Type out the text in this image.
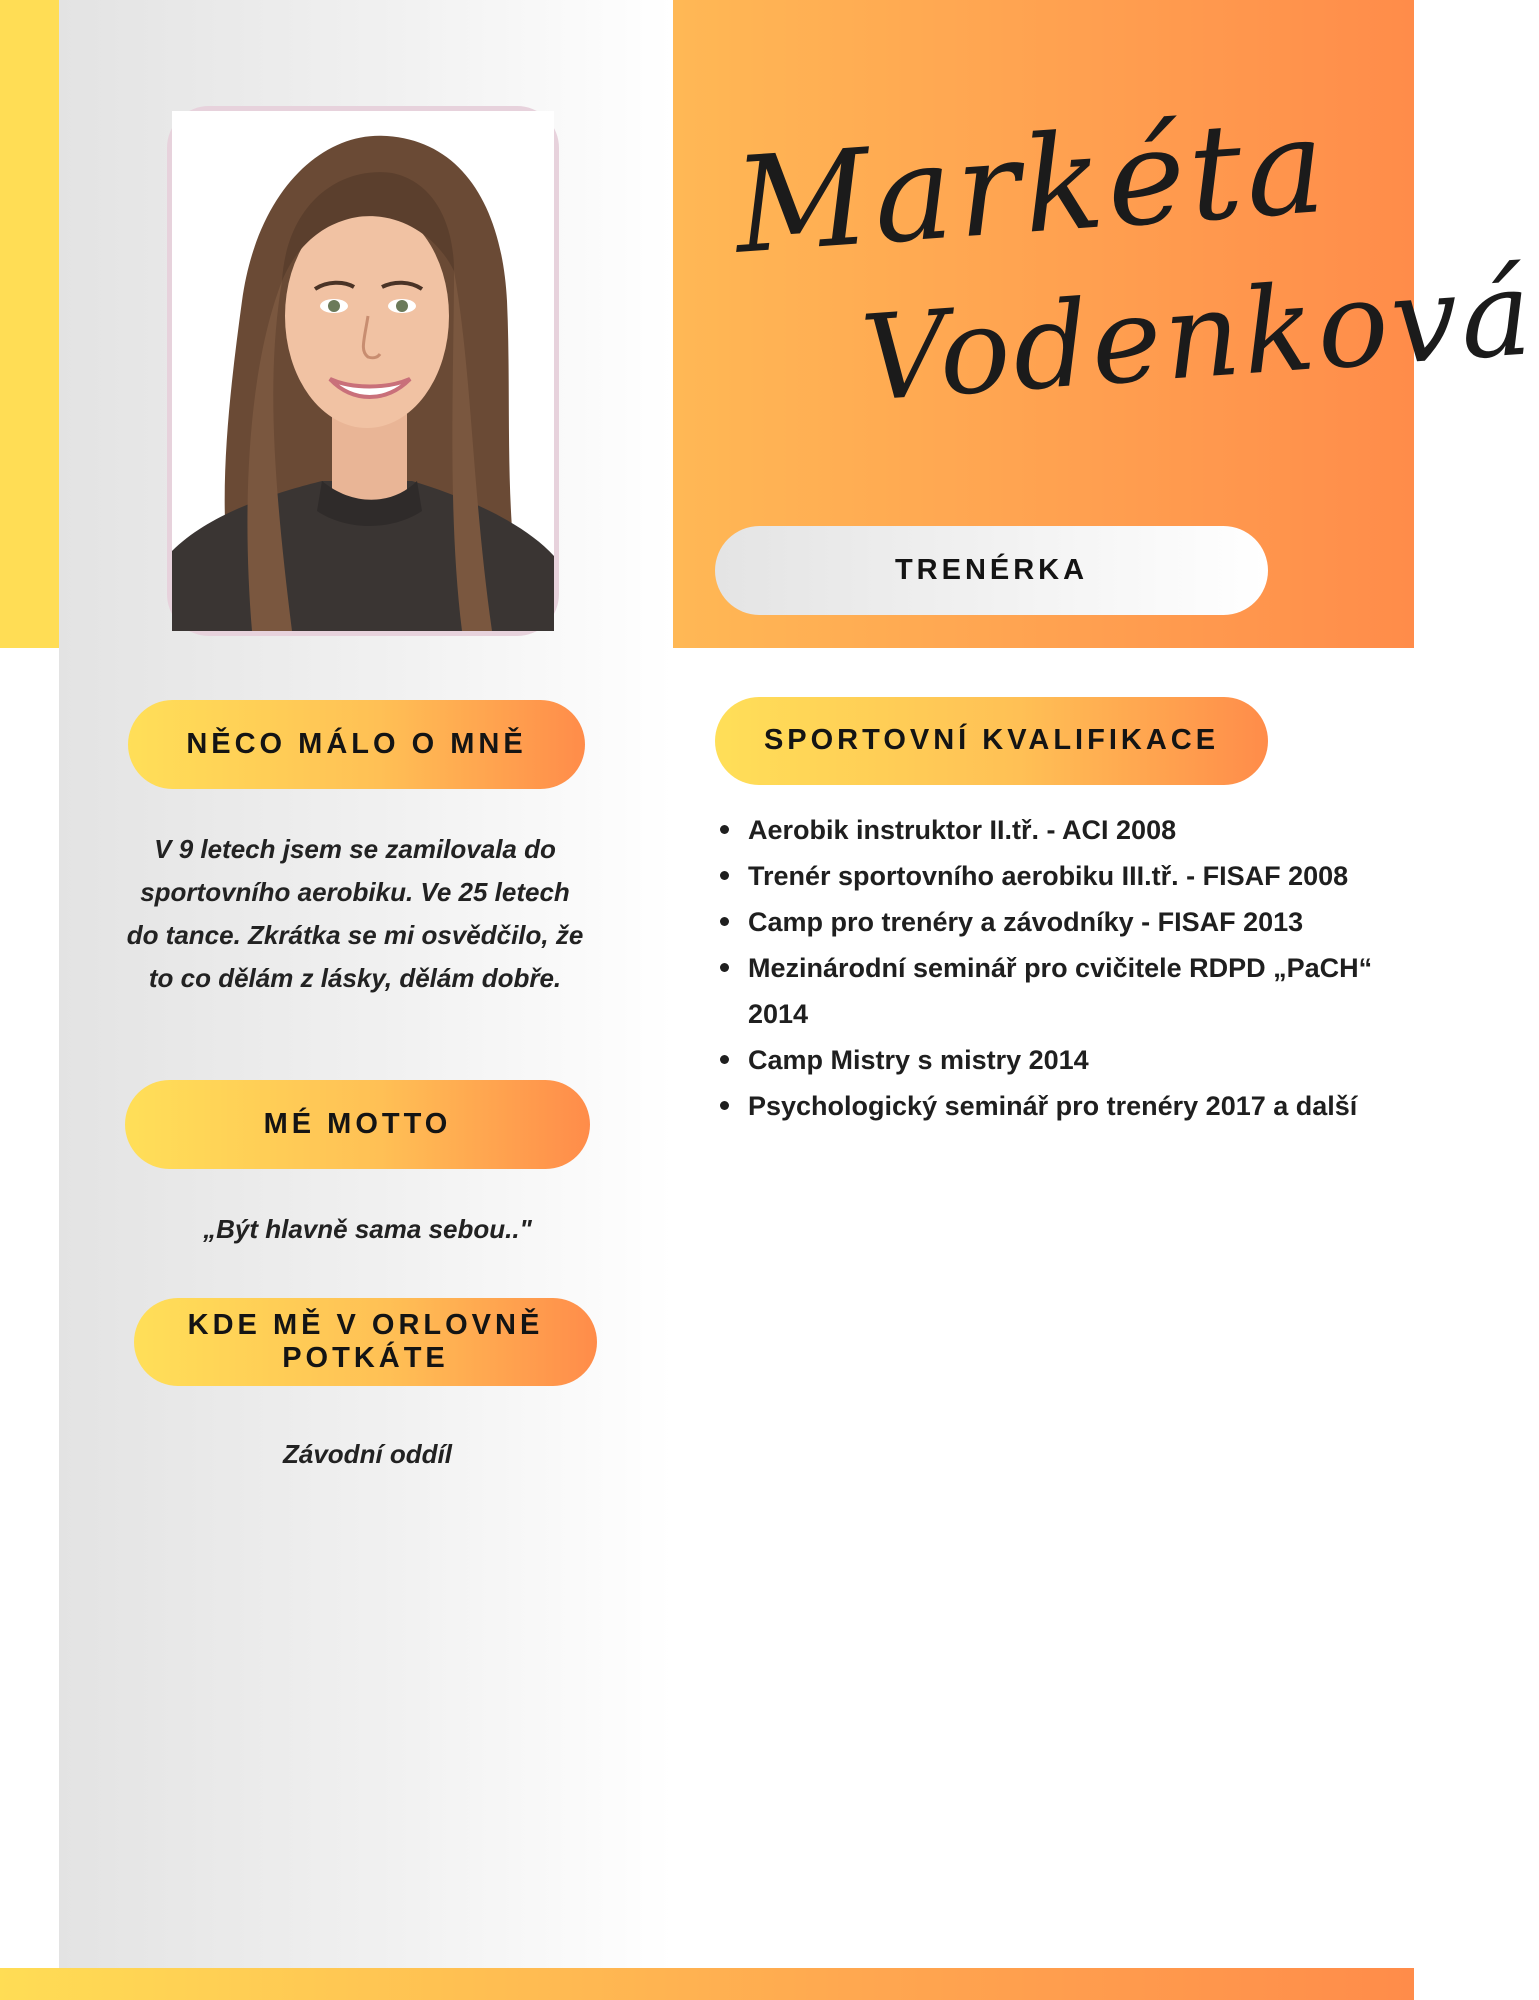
Markéta
Vodenková
TRENÉRKA
NĚCO MÁLO O MNĚ
V 9 letech jsem se zamilovala do sportovního aerobiku. Ve 25 letech do tance. Zkrátka se mi osvědčilo, že to co dělám z lásky, dělám dobře.
MÉ MOTTO
„Být hlavně sama sebou.."
KDE MĚ V ORLOVNĚ POTKÁTE
Závodní oddíl
SPORTOVNÍ KVALIFIKACE
Aerobik instruktor II.tř. - ACI 2008
Trenér sportovního aerobiku III.tř. - FISAF 2008
Camp pro trenéry a závodníky - FISAF 2013
Mezinárodní seminář pro cvičitele RDPD „PaCH“ 2014
Camp Mistry s mistry 2014
Psychologický seminář pro trenéry 2017 a další
